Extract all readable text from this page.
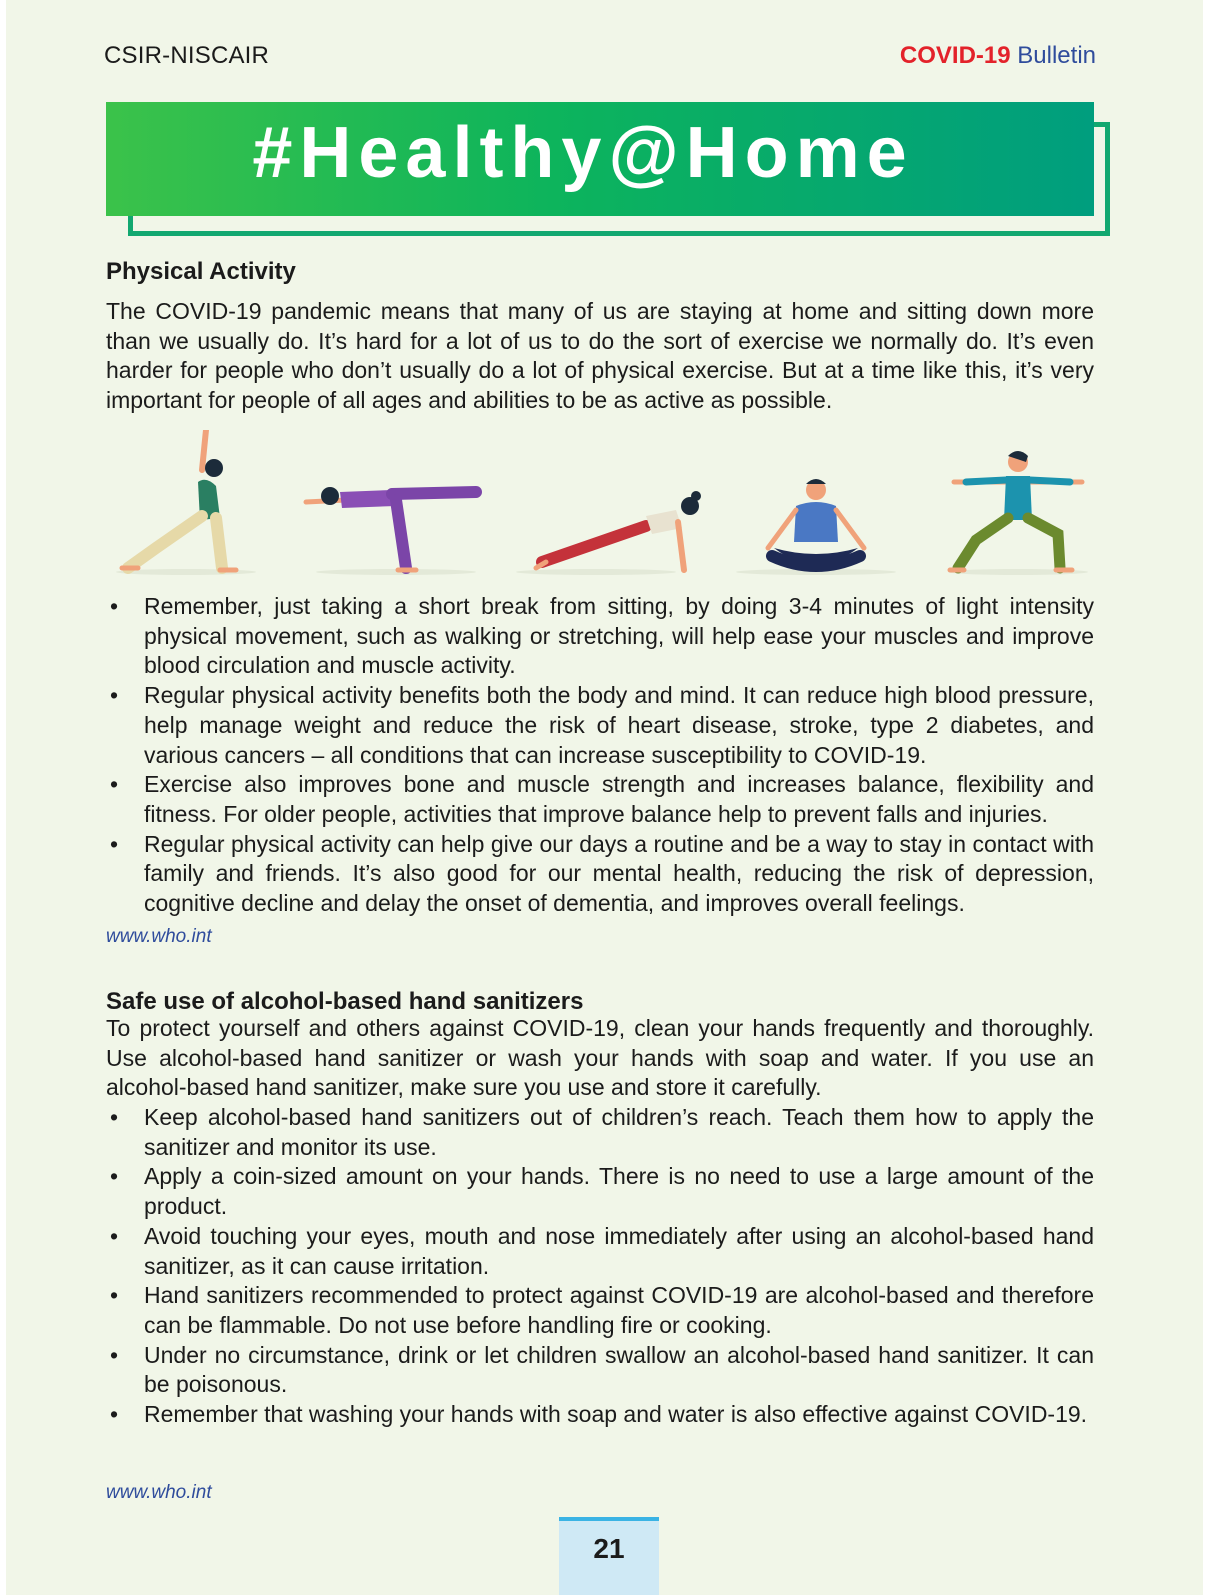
CSIR-NISCAIR	COVID-19 Bulletin
#Healthy@Home
Physical Activity

The COVID-19 pandemic means that many of us are staying at home and sitting down more than we usually do. It’s hard for a lot of us to do the sort of exercise we normally do. It’s even harder for people who don’t usually do a lot of physical exercise. But at a time like this, it’s very important for people of all ages and abilities to be as active as possible.

• Remember, just taking a short break from sitting, by doing 3-4 minutes of light intensity physical movement, such as walking or stretching, will help ease your muscles and improve blood circulation and muscle activity.
• Regular physical activity benefits both the body and mind. It can reduce high blood pressure, help manage weight and reduce the risk of heart disease, stroke, type 2 diabetes, and various cancers – all conditions that can increase susceptibility to COVID-19.
• Exercise also improves bone and muscle strength and increases balance, flexibility and fitness. For older people, activities that improve balance help to prevent falls and injuries.
• Regular physical activity can help give our days a routine and be a way to stay in contact with family and friends. It’s also good for our mental health, reducing the risk of depression, cognitive decline and delay the onset of dementia, and improves overall feelings.
www.who.int
Safe use of alcohol-based hand sanitizers

To protect yourself and others against COVID-19, clean your hands frequently and thoroughly. Use alcohol-based hand sanitizer or wash your hands with soap and water. If you use an alcohol-based hand sanitizer, make sure you use and store it carefully.

• Keep alcohol-based hand sanitizers out of children’s reach. Teach them how to apply the sanitizer and monitor its use.
• Apply a coin-sized amount on your hands. There is no need to use a large amount of the product.
• Avoid touching your eyes, mouth and nose immediately after using an alcohol-based hand sanitizer, as it can cause irritation.
• Hand sanitizers recommended to protect against COVID-19 are alcohol-based and therefore can be flammable. Do not use before handling fire or cooking.
• Under no circumstance, drink or let children swallow an alcohol-based hand sanitizer. It can be poisonous.
• Remember that washing your hands with soap and water is also effective against COVID-19.
www.who.int
21
